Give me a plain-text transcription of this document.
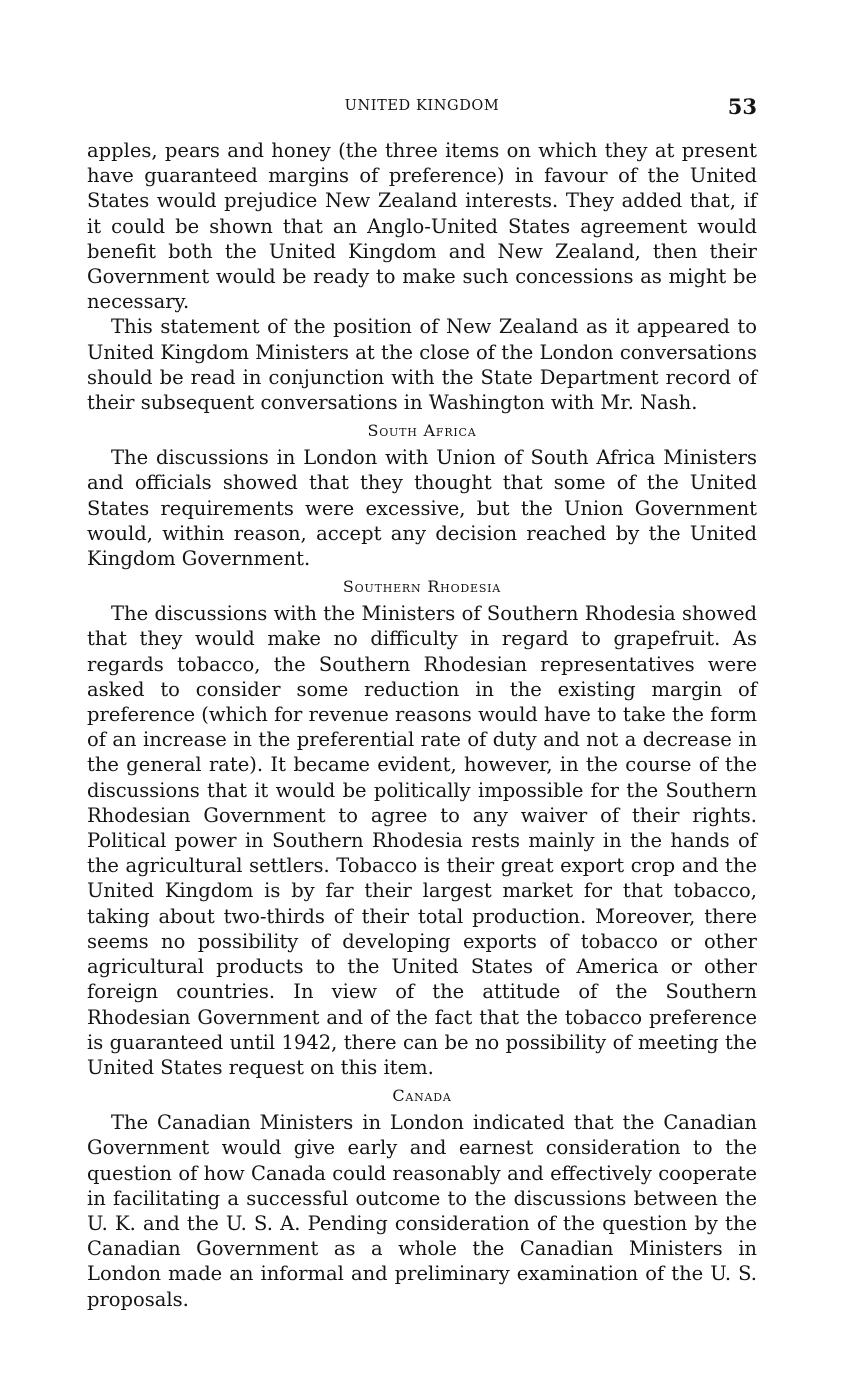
UNITED KINGDOM	53

apples, pears and honey (the three items on which they at present have guaranteed margins of preference) in favour of the United States would prejudice New Zealand interests. They added that, if it could be shown that an Anglo-United States agreement would benefit both the United Kingdom and New Zealand, then their Government would be ready to make such concessions as might be necessary.

This statement of the position of New Zealand as it appeared to United Kingdom Ministers at the close of the London conversations should be read in conjunction with the State Department record of their subsequent conversations in Washington with Mr. Nash.

South Africa

The discussions in London with Union of South Africa Ministers and officials showed that they thought that some of the United States requirements were excessive, but the Union Government would, within reason, accept any decision reached by the United Kingdom Government.

Southern Rhodesia

The discussions with the Ministers of Southern Rhodesia showed that they would make no difficulty in regard to grapefruit. As regards tobacco, the Southern Rhodesian representatives were asked to consider some reduction in the existing margin of preference (which for revenue reasons would have to take the form of an increase in the preferential rate of duty and not a decrease in the general rate). It became evident, however, in the course of the discussions that it would be politically impossible for the Southern Rhodesian Government to agree to any waiver of their rights. Political power in Southern Rhodesia rests mainly in the hands of the agricultural settlers. Tobacco is their great export crop and the United Kingdom is by far their largest market for that tobacco, taking about two-thirds of their total production. Moreover, there seems no possibility of developing exports of tobacco or other agricultural products to the United States of America or other foreign countries. In view of the attitude of the Southern Rhodesian Government and of the fact that the tobacco preference is guaranteed until 1942, there can be no possibility of meeting the United States request on this item.

Canada

The Canadian Ministers in London indicated that the Canadian Government would give early and earnest consideration to the question of how Canada could reasonably and effectively cooperate in facilitating a successful outcome to the discussions between the U. K. and the U. S. A. Pending consideration of the question by the Canadian Government as a whole the Canadian Ministers in London made an informal and preliminary examination of the U. S. proposals.
